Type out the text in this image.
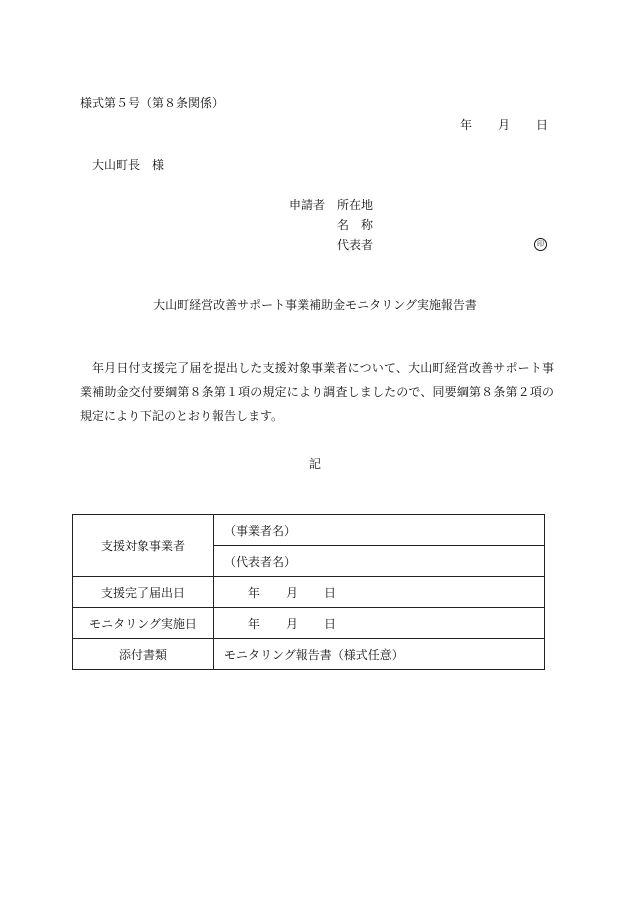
様式第５号（第８条関係）
年 月 日
大山町長　様
申請者 所在地
名　称
代表者	印
大山町経営改善サポート事業補助金モニタリング実施報告書
年月日付支援完了届を提出した支援対象事業者について、大山町経営改善サポート事業補助金交付要綱第８条第１項の規定により調査しましたので、同要綱第８条第２項の規定により下記のとおり報告します。
記
支援対象事業者	（事業者名）
	（代表者名）
支援完了届出日	年 月 日
モニタリング実施日	年 月 日
添付書類	モニタリング報告書（様式任意）
